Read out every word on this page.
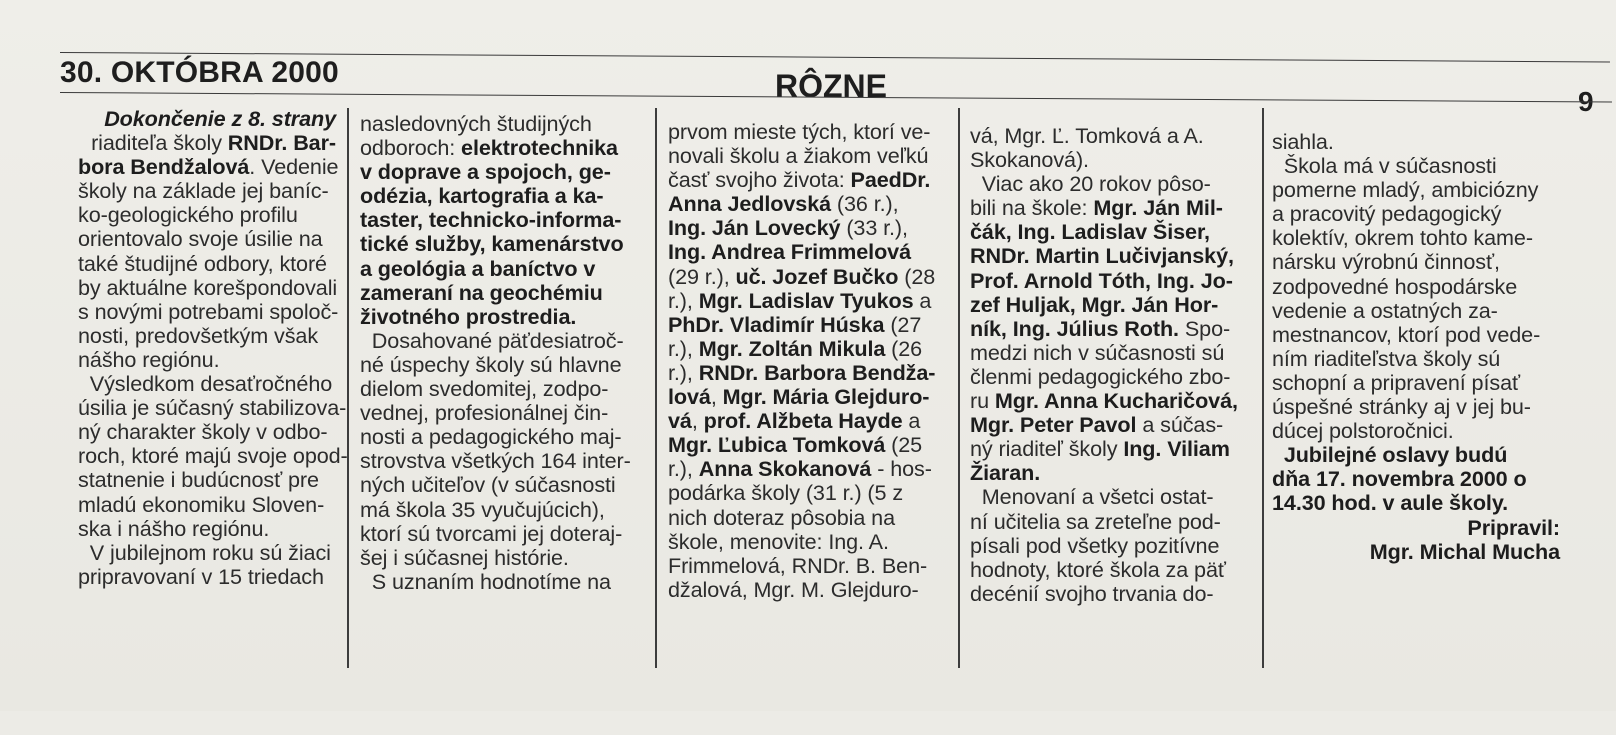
30. OKTÓBRA 2000	RÔZNE	9
Dokončenie z 8. strany
riaditeľa školy RNDr. Bar-
bora Bendžalová. Vedenie
školy na základe jej baníc-
ko-geologického profilu
orientovalo svoje úsilie na
také študijné odbory, ktoré
by aktuálne korešpondovali
s novými potrebami spoloč-
nosti, predovšetkým však
nášho regiónu.
Výsledkom desaťročného
úsilia je súčasný stabilizova-
ný charakter školy v odbo-
roch, ktoré majú svoje opod-
statnenie i budúcnosť pre
mladú ekonomiku Sloven-
ska i nášho regiónu.
V jubilejnom roku sú žiaci
pripravovaní v 15 triedach
nasledovných študijných
odboroch: elektrotechnika
v doprave a spojoch, ge-
odézia, kartografia a ka-
taster, technicko-informa-
tické služby, kamenárstvo
a geológia a baníctvo v
zameraní na geochémiu
životného prostredia.
Dosahované päťdesiatroč-
né úspechy školy sú hlavne
dielom svedomitej, zodpo-
vednej, profesionálnej čin-
nosti a pedagogického maj-
strovstva všetkých 164 inter-
ných učiteľov (v súčasnosti
má škola 35 vyučujúcich),
ktorí sú tvorcami jej doteraj-
šej i súčasnej histórie.
S uznaním hodnotíme na
prvom mieste tých, ktorí ve-
novali školu a žiakom veľkú
časť svojho života: PaedDr.
Anna Jedlovská (36 r.),
Ing. Ján Lovecký (33 r.),
Ing. Andrea Frimmelová
(29 r.), uč. Jozef Bučko (28
r.), Mgr. Ladislav Tyukos a
PhDr. Vladimír Húska (27
r.), Mgr. Zoltán Mikula (26
r.), RNDr. Barbora Bendža-
lová, Mgr. Mária Glejdurо-
vá, prof. Alžbeta Hayde a
Mgr. Ľubica Tomková (25
r.), Anna Skokanová - hos-
podárka školy (31 r.) (5 z
nich doteraz pôsobia na
škole, menovite: Ing. A.
Frimmelová, RNDr. B. Ben-
džalová, Mgr. M. Glejduro-
vá, Mgr. Ľ. Tomková a A.
Skokanová).
Viac ako 20 rokov pôso-
bili na škole: Mgr. Ján Mil-
čák, Ing. Ladislav Šiser,
RNDr. Martin Lučivjanský,
Prof. Arnold Tóth, Ing. Jo-
zef Huljak, Mgr. Ján Hor-
ník, Ing. Július Roth. Spo-
medzi nich v súčasnosti sú
členmi pedagogického zbo-
ru Mgr. Anna Kucharičová,
Mgr. Peter Pavol a súčas-
ný riaditeľ školy Ing. Viliam
Žiaran.
Menovaní a všetci ostat-
ní učitelia sa zreteľne pod-
písali pod všetky pozitívne
hodnoty, ktoré škola za päť
decénií svojho trvania do-
siahla.
Škola má v súčasnosti
pomerne mladý, ambiciózny
a pracovitý pedagogický
kolektív, okrem tohto kame-
nársku výrobnú činnosť,
zodpovedné hospodárske
vedenie a ostatných za-
mestnancov, ktorí pod vede-
ním riaditeľstva školy sú
schopní a pripravení písať
úspešné stránky aj v jej bu-
dúcej polstoročnici.
Jubilejné oslavy budú
dňa 17. novembra 2000 o
14.30 hod. v aule školy.
Pripravil:
Mgr. Michal Mucha
